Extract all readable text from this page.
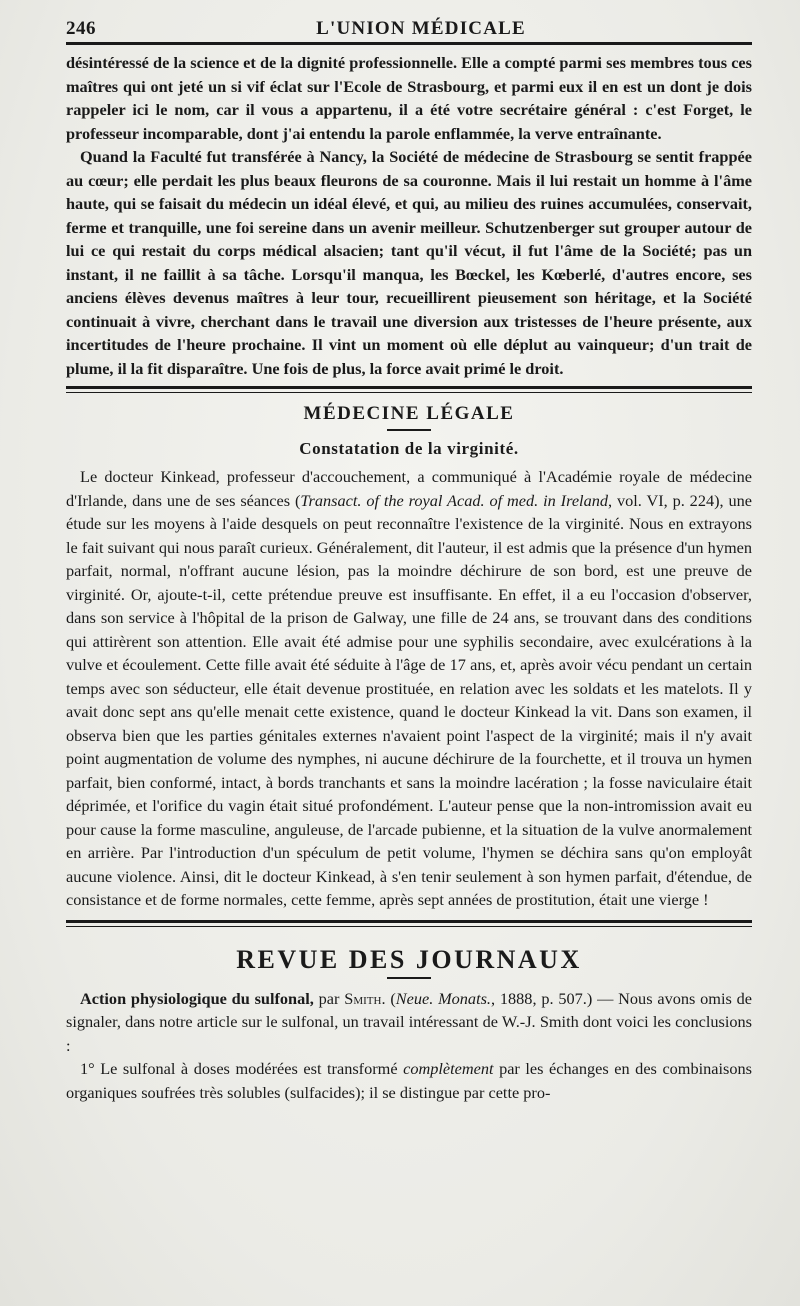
246	L'UNION MÉDICALE

désintéressé de la science et de la dignité professionnelle. Elle a compté parmi ses membres tous ces maîtres qui ont jeté un si vif éclat sur l'Ecole de Strasbourg, et parmi eux il en est un dont je dois rappeler ici le nom, car il vous a appartenu, il a été votre secrétaire général : c'est Forget, le professeur incomparable, dont j'ai entendu la parole enflammée, la verve entraînante.

Quand la Faculté fut transférée à Nancy, la Société de médecine de Strasbourg se sentit frappée au cœur; elle perdait les plus beaux fleurons de sa couronne. Mais il lui restait un homme à l'âme haute, qui se faisait du médecin un idéal élevé, et qui, au milieu des ruines accumulées, conservait, ferme et tranquille, une foi sereine dans un avenir meilleur. Schutzenberger sut grouper autour de lui ce qui restait du corps médical alsacien; tant qu'il vécut, il fut l'âme de la Société; pas un instant, il ne faillit à sa tâche. Lorsqu'il manqua, les Bœckel, les Kœberlé, d'autres encore, ses anciens élèves devenus maîtres à leur tour, recueillirent pieusement son héritage, et la Société continuait à vivre, cherchant dans le travail une diversion aux tristesses de l'heure présente, aux incertitudes de l'heure prochaine. Il vint un moment où elle déplut au vainqueur; d'un trait de plume, il la fit disparaître. Une fois de plus, la force avait primé le droit.

MÉDECINE LÉGALE
Constatation de la virginité.

Le docteur Kinkead, professeur d'accouchement, a communiqué à l'Académie royale de médecine d'Irlande, dans une de ses séances (Transact. of the royal Acad. of med. in Ireland, vol. VI, p. 224), une étude sur les moyens à l'aide desquels on peut reconnaître l'existence de la virginité. Nous en extrayons le fait suivant qui nous paraît curieux. Généralement, dit l'auteur, il est admis que la présence d'un hymen parfait, normal, n'offrant aucune lésion, pas la moindre déchirure de son bord, est une preuve de virginité. Or, ajoute-t-il, cette prétendue preuve est insuffisante. En effet, il a eu l'occasion d'observer, dans son service à l'hôpital de la prison de Galway, une fille de 24 ans, se trouvant dans des conditions qui attirèrent son attention. Elle avait été admise pour une syphilis secondaire, avec exulcérations à la vulve et écoulement. Cette fille avait été séduite à l'âge de 17 ans, et, après avoir vécu pendant un certain temps avec son séducteur, elle était devenue prostituée, en relation avec les soldats et les matelots. Il y avait donc sept ans qu'elle menait cette existence, quand le docteur Kinkead la vit. Dans son examen, il observa bien que les parties génitales externes n'avaient point l'aspect de la virginité; mais il n'y avait point augmentation de volume des nymphes, ni aucune déchirure de la fourchette, et il trouva un hymen parfait, bien conformé, intact, à bords tranchants et sans la moindre lacération ; la fosse naviculaire était déprimée, et l'orifice du vagin était situé profondément. L'auteur pense que la non-intromission avait eu pour cause la forme masculine, anguleuse, de l'arcade pubienne, et la situation de la vulve anormalement en arrière. Par l'introduction d'un spéculum de petit volume, l'hymen se déchira sans qu'on employât aucune violence. Ainsi, dit le docteur Kinkead, à s'en tenir seulement à son hymen parfait, d'étendue, de consistance et de forme normales, cette femme, après sept années de prostitution, était une vierge !

REVUE DES JOURNAUX

Action physiologique du sulfonal, par Smith. (Neue. Monats., 1888, p. 507.) — Nous avons omis de signaler, dans notre article sur le sulfonal, un travail intéressant de W.-J. Smith dont voici les conclusions :

1° Le sulfonal à doses modérées est transformé complètement par les échanges en des combinaisons organiques soufrées très solubles (sulfacides); il se distingue par cette pro-
